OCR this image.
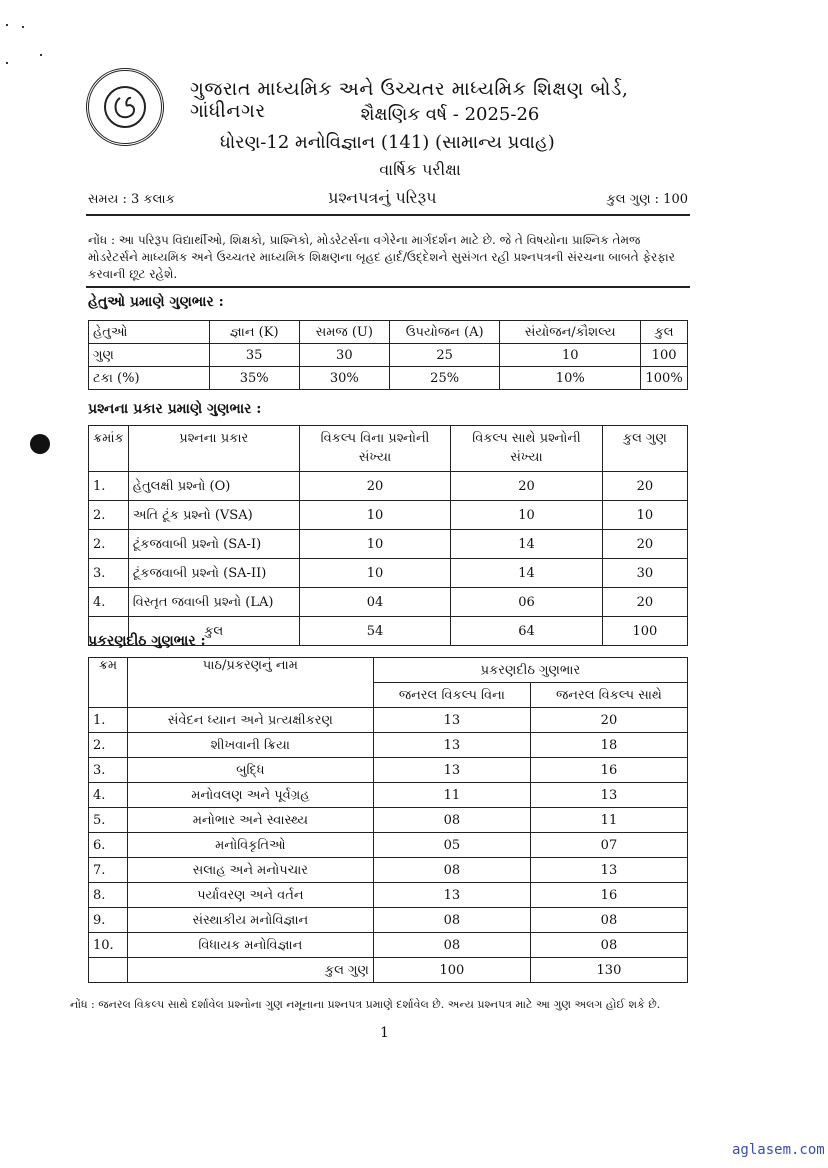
ગુજરાત માધ્યમિક અને ઉચ્ચતર માધ્યમિક શિક્ષણ બોર્ડ, ગાંધીનગર	શૈક્ષણિક વર્ષ - 2025-26
ધોરણ-12 મનોવિજ્ઞાન (141) (સામાન્ય પ્રવાહ)
વાર્ષિક પરીક્ષા
સમય : 3 કલાક	પ્રશ્નપત્રનું પરિરૂપ	કુલ ગુણ : 100
નોંધ : આ પરિરૂપ વિદ્યાર્થીઓ, શિક્ષકો, પ્રાશ્નિકો, મોડરેટર્સના વગેરેના માર્ગદર્શન માટે છે. જે તે વિષયોના પ્રાશ્નિક તેમજ મોડરેટર્સને માધ્યમિક અને ઉચ્ચતર માધ્યમિક શિક્ષણના બૃહદ હાર્દ/ઉદ્દેશને સુસંગત રહી પ્રશ્નપત્રની સંરચના બાબતે ફેરફાર કરવાની છૂટ રહેશે.
હેતુઓ પ્રમાણે ગુણભાર :
હેતુઓ	જ્ઞાન (K)	સમજ (U)	ઉપયોજન (A)	સંયોજન/કૌશલ્ય	કુલ
ગુણ	35	30	25	10	100
ટકા (%)	35%	30%	25%	10%	100%
પ્રશ્નના પ્રકાર પ્રમાણે ગુણભાર :
ક્રમાંક	પ્રશ્નના પ્રકાર	વિકલ્પ વિના પ્રશ્નોની સંખ્યા	વિકલ્પ સાથે પ્રશ્નોની સંખ્યા	કુલ ગુણ
1.	હેતુલક્ષી પ્રશ્નો (O)	20	20	20
2.	અતિ ટૂંક પ્રશ્નો (VSA)	10	10	10
2.	ટૂંકજવાબી પ્રશ્નો (SA-I)	10	14	20
3.	ટૂંકજવાબી પ્રશ્નો (SA-II)	10	14	30
4.	વિસ્તૃત જવાબી પ્રશ્નો (LA)	04	06	20
	કુલ	54	64	100
પ્રકરણદીઠ ગુણભાર :
ક્રમ	પાઠ/પ્રકરણનું નામ	પ્રકરણદીઠ ગુણભાર	
		જનરલ વિકલ્પ વિના	જનરલ વિકલ્પ સાથે
1.	સંવેદન ધ્યાન અને પ્રત્યક્ષીકરણ	13	20
2.	શીખવાની ક્રિયા	13	18
3.	બુદ્ધિ	13	16
4.	મનોવલણ અને પૂર્વગ્રહ	11	13
5.	મનોભાર અને સ્વાસ્થ્ય	08	11
6.	મનોવિકૃતિઓ	05	07
7.	સલાહ અને મનોપચાર	08	13
8.	પર્યાવરણ અને વર્તન	13	16
9.	સંસ્થાકીય મનોવિજ્ઞાન	08	08
10.	વિધાયક મનોવિજ્ઞાન	08	08
	કુલ ગુણ	100	130
નોંધ : જનરલ વિકલ્પ સાથે દર્શાવેલ પ્રશ્નોના ગુણ નમૂનાના પ્રશ્નપત્ર પ્રમાણે દર્શાવેલ છે. અન્ય પ્રશ્નપત્ર માટે આ ગુણ અલગ હોઈ શકે છે.
1
aglasem.com
